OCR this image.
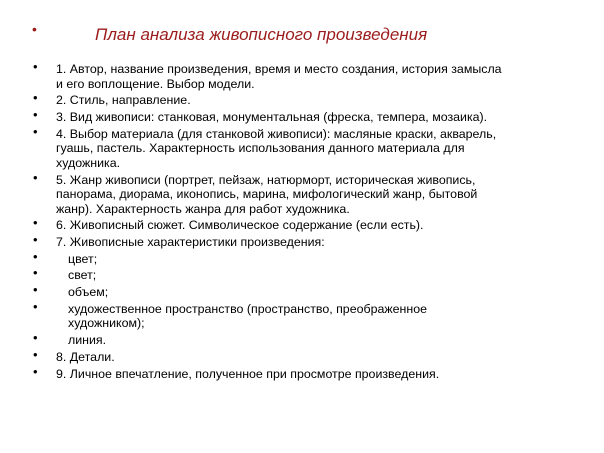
•	План анализа живописного произведения
• 1. Автор, название произведения, время и место создания, история замысла и его воплощение. Выбор модели.
• 2. Стиль, направление.
• 3. Вид живописи: станковая, монументальная (фреска, темпера, мозаика).
• 4. Выбор материала (для станковой живописи): масляные краски, акварель, гуашь, пастель. Характерность использования данного материала для художника.
• 5. Жанр живописи (портрет, пейзаж, натюрморт, историческая живопись, панорама, диорама, иконопись, марина, мифологический жанр, бытовой жанр). Характерность жанра для работ художника.
• 6. Живописный сюжет. Символическое содержание (если есть).
• 7. Живописные характеристики произведения:
•	цвет;
•	свет;
•	объем;
•	художественное пространство (пространство, преображенное художником);
•	линия.
• 8. Детали.
• 9. Личное впечатление, полученное при просмотре произведения.
